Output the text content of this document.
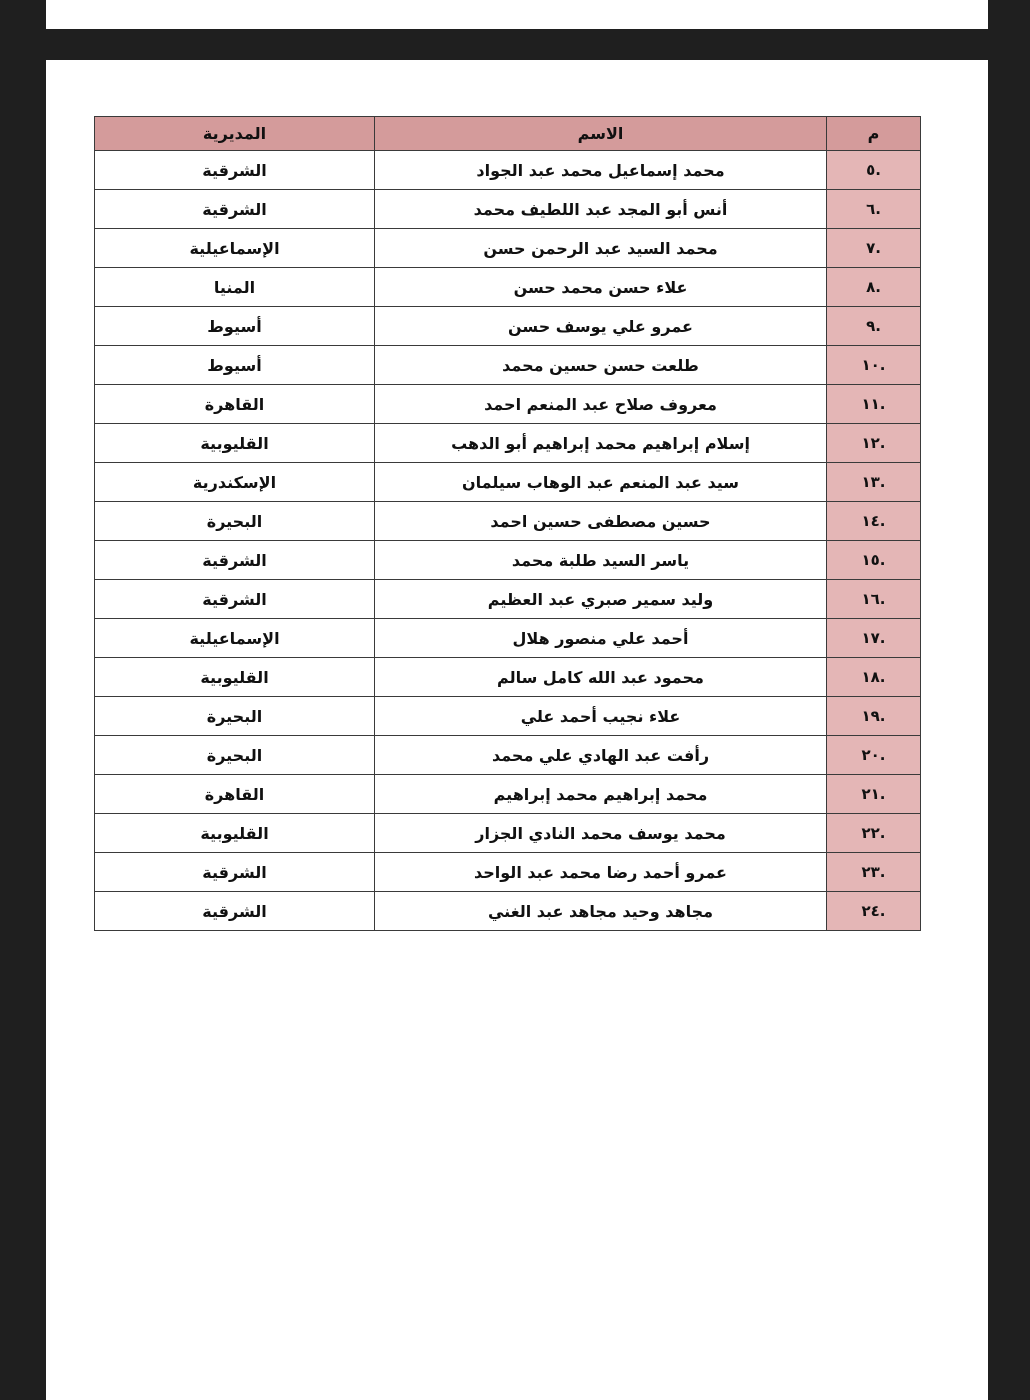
م	الاسم	المديرية
.٥	محمد إسماعيل محمد عبد الجواد	الشرقية
.٦	أنس أبو المجد عبد اللطيف محمد	الشرقية
.٧	محمد السيد عبد الرحمن حسن	الإسماعيلية
.٨	علاء حسن محمد حسن	المنيا
.٩	عمرو علي يوسف حسن	أسيوط
.١٠	طلعت حسن حسين محمد	أسيوط
.١١	معروف صلاح عبد المنعم احمد	القاهرة
.١٢	إسلام إبراهيم محمد إبراهيم أبو الدهب	القليوبية
.١٣	سيد عبد المنعم عبد الوهاب سيلمان	الإسكندرية
.١٤	حسين مصطفى حسين احمد	البحيرة
.١٥	ياسر السيد طلبة محمد	الشرقية
.١٦	وليد سمير صبري عبد العظيم	الشرقية
.١٧	أحمد علي منصور هلال	الإسماعيلية
.١٨	محمود عبد الله كامل سالم	القليوبية
.١٩	علاء نجيب أحمد علي	البحيرة
.٢٠	رأفت عبد الهادي علي محمد	البحيرة
.٢١	محمد إبراهيم محمد إبراهيم	القاهرة
.٢٢	محمد يوسف محمد النادي الجزار	القليوبية
.٢٣	عمرو أحمد رضا محمد عبد الواحد	الشرقية
.٢٤	مجاهد وحيد مجاهد عبد الغني	الشرقية
